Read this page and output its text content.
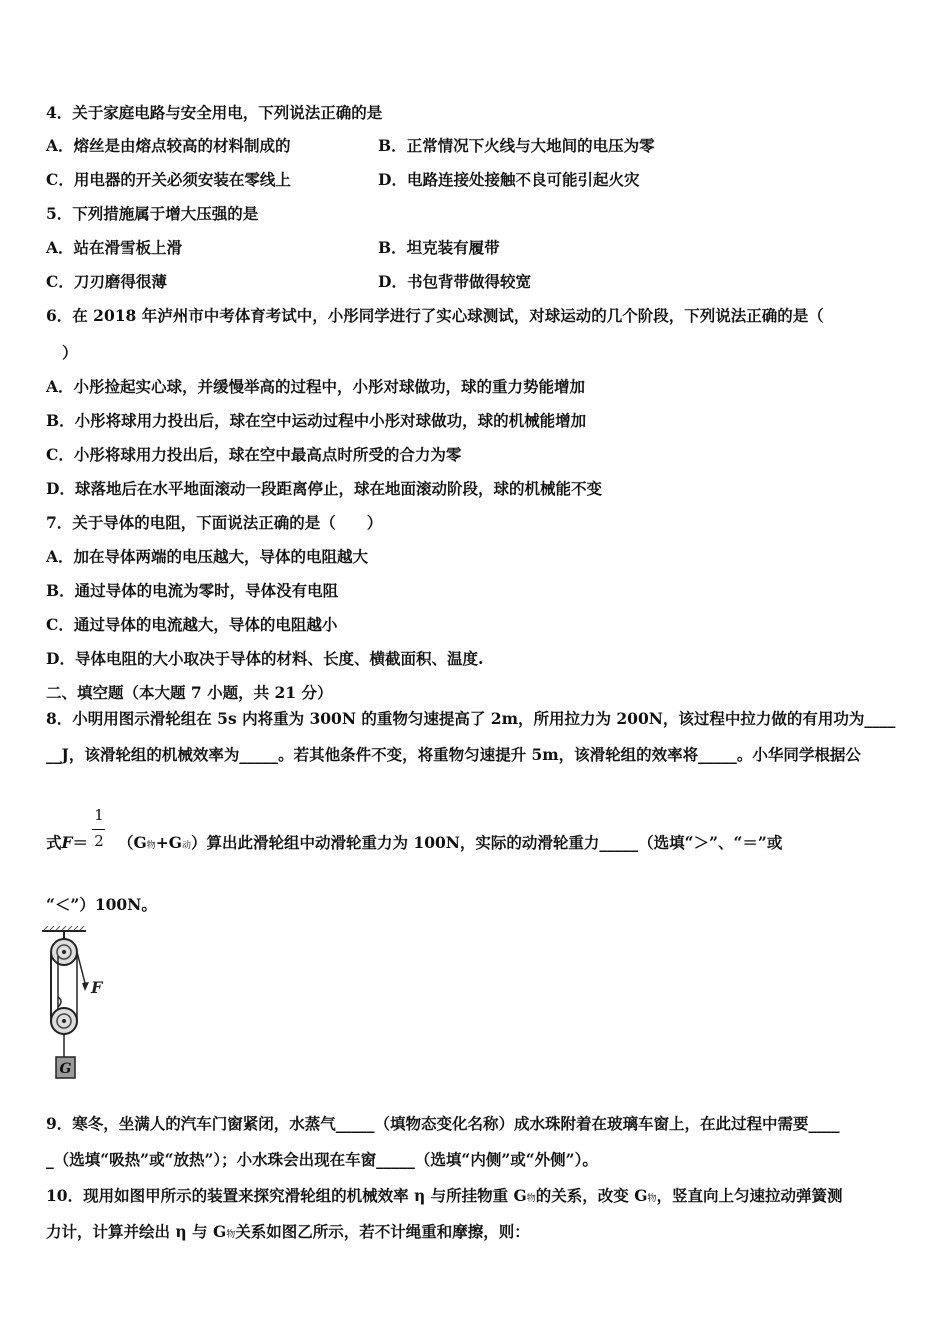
4．关于家庭电路与安全用电，下列说法正确的是
A．熔丝是由熔点较高的材料制成的	B．正常情况下火线与大地间的电压为零
C．用电器的开关必须安装在零线上	D．电路连接处接触不良可能引起火灾
5．下列措施属于增大压强的是
A．站在滑雪板上滑	B．坦克装有履带
C．刀刃磨得很薄	D．书包背带做得较宽
6．在 2018 年泸州市中考体育考试中，小彤同学进行了实心球测试，对球运动的几个阶段，下列说法正确的是（
）
A．小彤捡起实心球，并缓慢举高的过程中，小彤对球做功，球的重力势能增加
B．小彤将球用力投出后，球在空中运动过程中小彤对球做功，球的机械能增加
C．小彤将球用力投出后，球在空中最高点时所受的合力为零
D．球落地后在水平地面滚动一段距离停止，球在地面滚动阶段，球的机械能不变
7．关于导体的电阻，下面说法正确的是（　　）
A．加在导体两端的电压越大，导体的电阻越大
B．通过导体的电流为零时，导体没有电阻
C．通过导体的电流越大，导体的电阻越小
D．导体电阻的大小取决于导体的材料、长度、横截面积、温度.
二、填空题（本大题 7 小题，共 21 分）
8．小明用图示滑轮组在 5s 内将重为 300N 的重物匀速提高了 2m，所用拉力为 200N，该过程中拉力做的有用功为____
__J，该滑轮组的机械效率为_____。若其他条件不变，将重物匀速提升 5m，该滑轮组的效率将_____。小华同学根据公
1
2
式F＝ （G物+G动）算出此滑轮组中动滑轮重力为 100N，实际的动滑轮重力_____（选填“＞”、“＝”或
“＜”）100N。
F
G
9．寒冬，坐满人的汽车门窗紧闭，水蒸气_____（填物态变化名称）成水珠附着在玻璃车窗上，在此过程中需要____
_（选填“吸热”或“放热”）；小水珠会出现在车窗_____（选填“内侧”或“外侧”）。
10．现用如图甲所示的装置来探究滑轮组的机械效率 η 与所挂物重 G物的关系，改变 G物，竖直向上匀速拉动弹簧测
力计，计算并绘出 η 与 G物关系如图乙所示，若不计绳重和摩擦，则：
